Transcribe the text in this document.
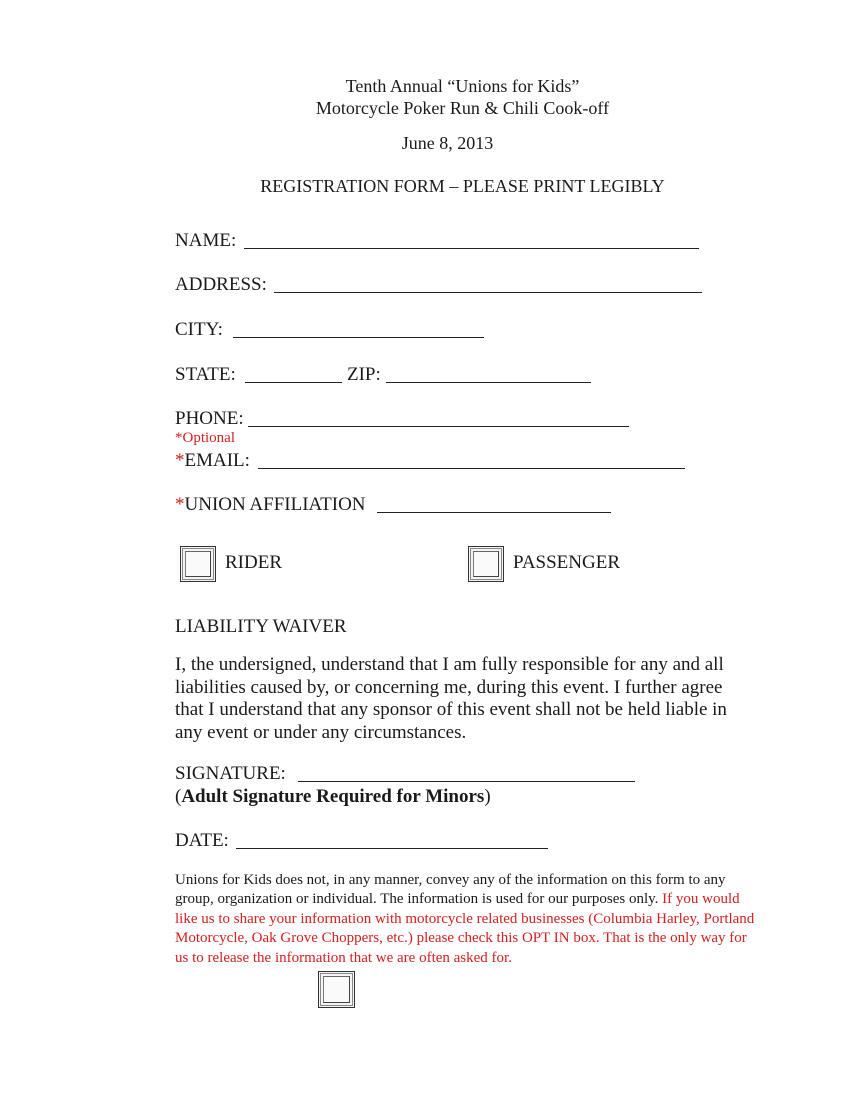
Tenth Annual “Unions for Kids”
Motorcycle Poker Run & Chili Cook-off
June 8, 2013
REGISTRATION FORM – PLEASE PRINT LEGIBLY
NAME:
ADDRESS:
CITY:
STATE:	ZIP:
PHONE:
*Optional
*EMAIL:
*UNION AFFILIATION
RIDER	PASSENGER
LIABILITY WAIVER
I, the undersigned, understand that I am fully responsible for any and all liabilities caused by, or concerning me, during this event. I further agree that I understand that any sponsor of this event shall not be held liable in any event or under any circumstances.
SIGNATURE:
(Adult Signature Required for Minors)
DATE:
Unions for Kids does not, in any manner, convey any of the information on this form to any group, organization or individual. The information is used for our purposes only. If you would like us to share your information with motorcycle related businesses (Columbia Harley, Portland Motorcycle, Oak Grove Choppers, etc.) please check this OPT IN box. That is the only way for us to release the information that we are often asked for.
